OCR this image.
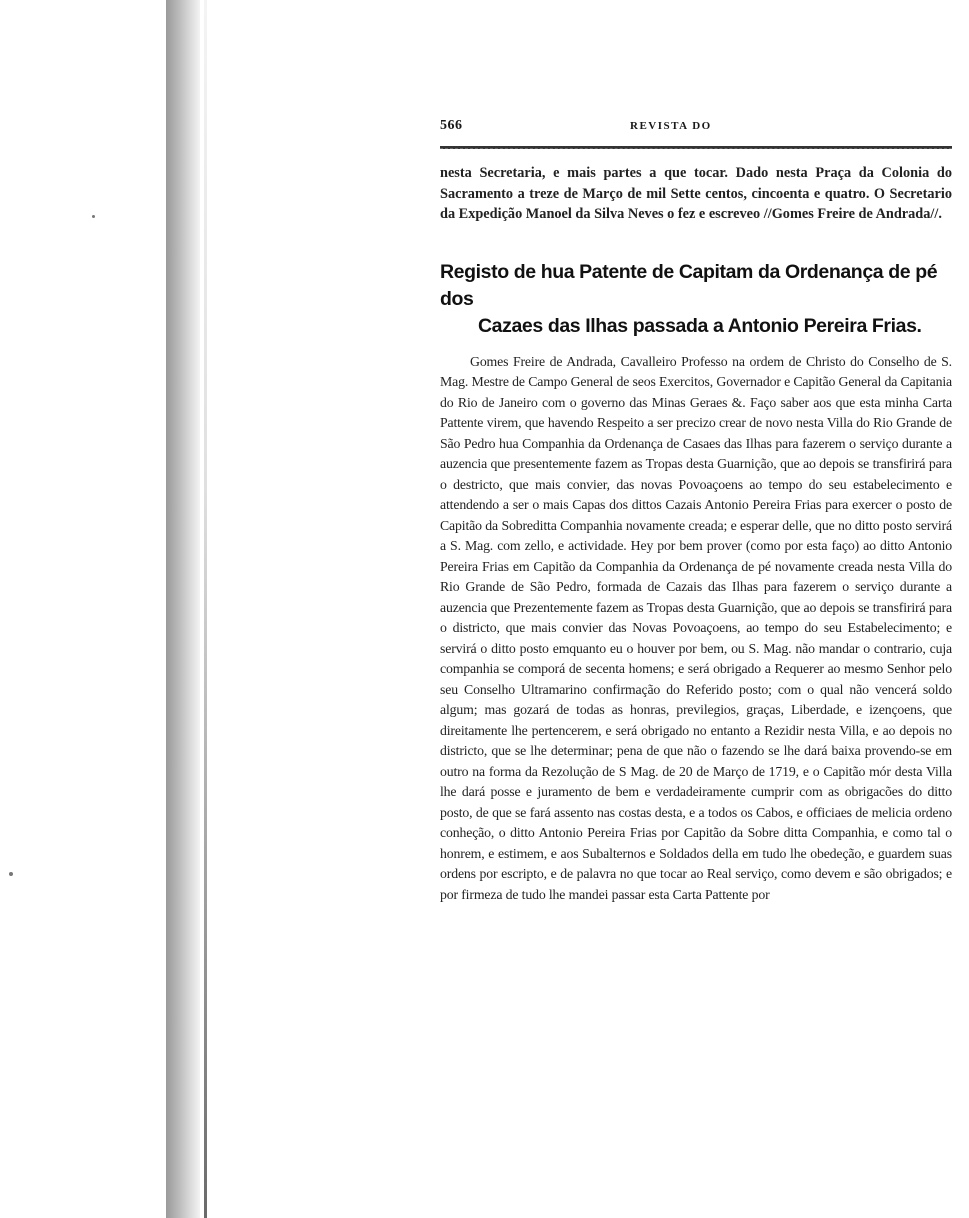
566	REVISTA DO

nesta Secretaria, e mais partes a que tocar. Dado nesta Praça da Colonia do Sacramento a treze de Março de mil Sette centos, cincoenta e quatro. O Secretario da Expedição Manoel da Silva Neves o fez e escreveo //Gomes Freire de Andrada//.

Registo de hua Patente de Capitam da Ordenança de pé dos
Cazaes das Ilhas passada a Antonio Pereira Frias.

Gomes Freire de Andrada, Cavalleiro Professo na ordem de Christo do Conselho de S. Mag. Mestre de Campo General de seos Exercitos, Governador e Capitão General da Capitania do Rio de Janeiro com o governo das Minas Geraes &. Faço saber aos que esta minha Carta Pattente virem, que havendo Respeito a ser precizo crear de novo nesta Villa do Rio Grande de São Pedro hua Companhia da Ordenança de Casaes das Ilhas para fazerem o serviço durante a auzencia que presentemente fazem as Tropas desta Guarnição, que ao depois se transfirirá para o destricto, que mais convier, das novas Povoaçoens ao tempo do seu estabelecimento e attendendo a ser o mais Capas dos dittos Cazais Antonio Pereira Frias para exercer o posto de Capitão da Sobreditta Companhia novamente creada; e esperar delle, que no ditto posto servirá a S. Mag. com zello, e actividade. Hey por bem prover (como por esta faço) ao ditto Antonio Pereira Frias em Capitão da Companhia da Ordenança de pé novamente creada nesta Villa do Rio Grande de São Pedro, formada de Cazais das Ilhas para fazerem o serviço durante a auzencia que Prezentemente fazem as Tropas desta Guarnição, que ao depois se transfirirá para o districto, que mais convier das Novas Povoaçoens, ao tempo do seu Estabelecimento; e servirá o ditto posto emquanto eu o houver por bem, ou S. Mag. não mandar o contrario, cuja companhia se comporá de secenta homens; e será obrigado a Requerer ao mesmo Senhor pelo seu Conselho Ultramarino confirmação do Referido posto; com o qual não vencerá soldo algum; mas gozará de todas as honras, previlegios, graças, Liberdade, e izençoens, que direitamente lhe pertencerem, e será obrigado no entanto a Rezidir nesta Villa, e ao depois no districto, que se lhe determinar; pena de que não o fazendo se lhe dará baixa provendo-se em outro na forma da Rezolução de S Mag. de 20 de Março de 1719, e o Capitão mór desta Villa lhe dará posse e juramento de bem e verdadeiramente cumprir com as obrigacões do ditto posto, de que se fará assento nas costas desta, e a todos os Cabos, e officiaes de melicia ordeno conheção, o ditto Antonio Pereira Frias por Capitão da Sobre ditta Companhia, e como tal o honrem, e estimem, e aos Subalternos e Soldados della em tudo lhe obedeção, e guardem suas ordens por escripto, e de palavra no que tocar ao Real serviço, como devem e são obrigados; e por firmeza de tudo lhe mandei passar esta Carta Pattente por
